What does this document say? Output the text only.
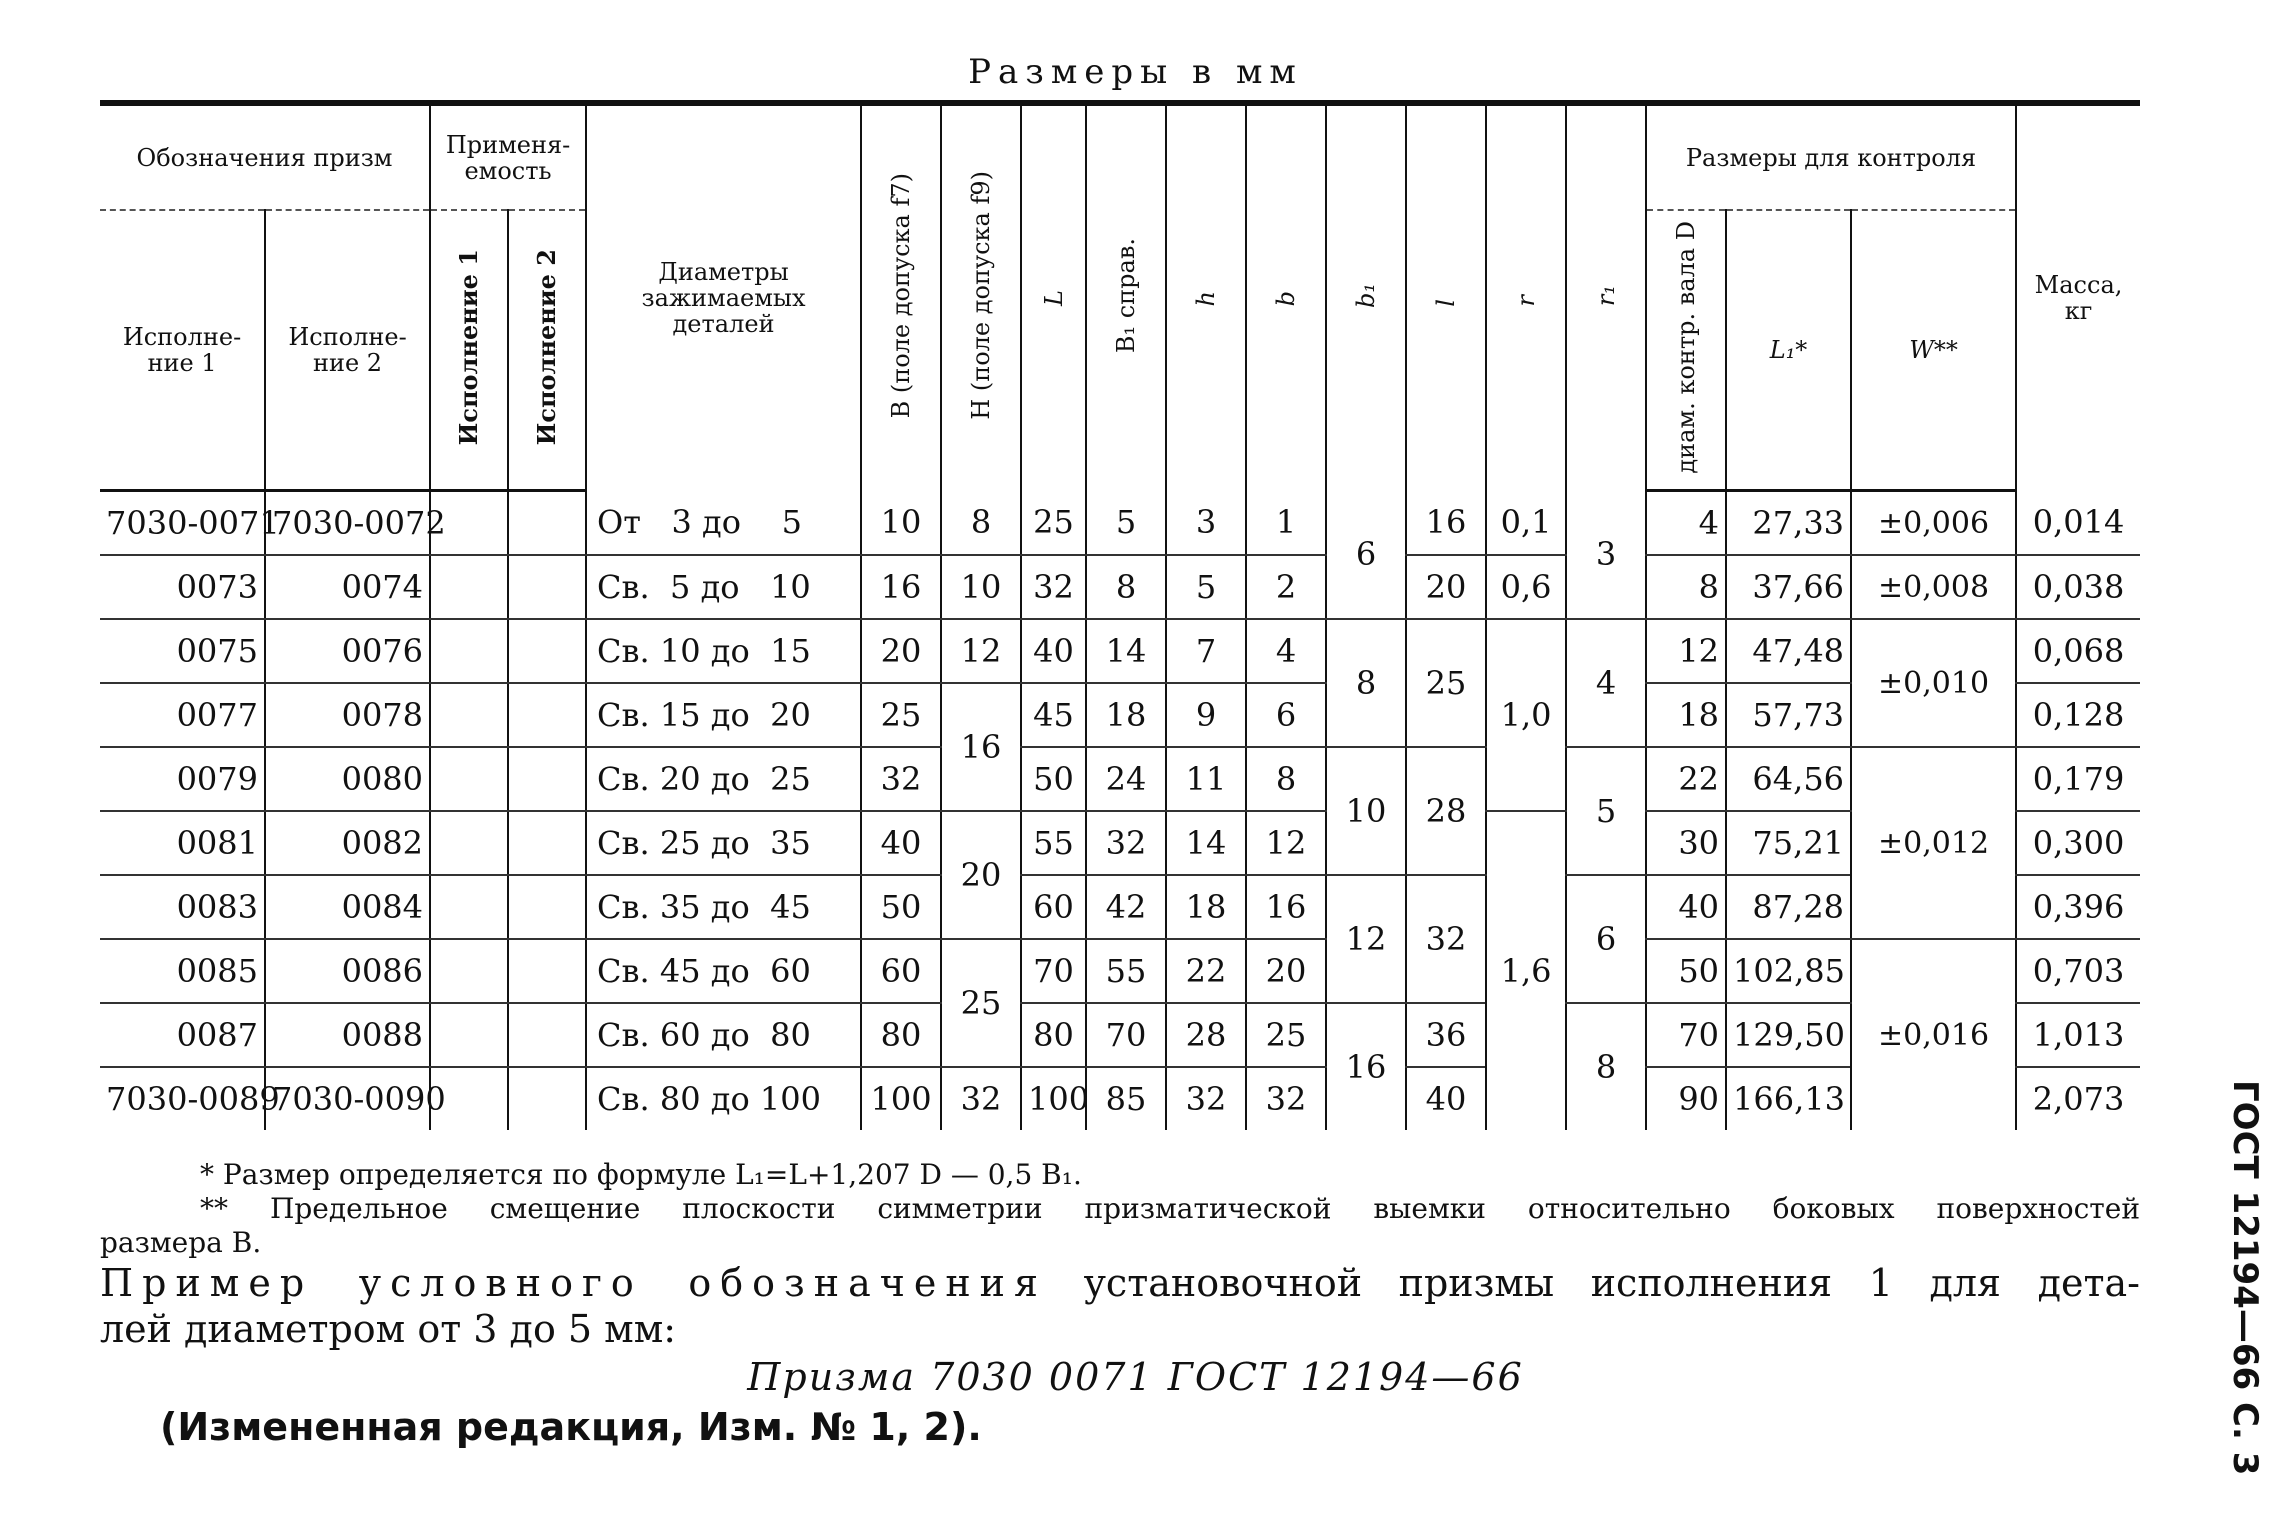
Размеры в мм
Обозначения призм		Применя-емость		Диаметры зажимаемых деталей	B (поле допуска f7)	H (поле допуска f9)	L	B₁ справ.	h	b	b₁	l	r	r₁	Размеры для контроля			Масса, кг
Исполне-ние 1	Исполне-ние 2	Исполнение 1	Исполнение 2												диам. контр. вала D	L₁*	W**	
7030-0071	7030-0072			От   3 до    5	10	8	25	5	3	1	6	16	0,1	3	4	27,33	±0,006	0,014
0073	0074			Св.  5 до   10	16	10	32	8	5	2		20	0,6		8	37,66	±0,008	0,038
0075	0076			Св. 10 до  15	20	12	40	14	7	4	8	25	1,0	4	12	47,48	±0,010	0,068
0077	0078			Св. 15 до  20	25	16	45	18	9	6					18	57,73		0,128
0079	0080			Св. 20 до  25	32		50	24	11	8	10	28		5	22	64,56	±0,012	0,179
0081	0082			Св. 25 до  35	40	20	55	32	14	12			1,6		30	75,21		0,300
0083	0084			Св. 35 до  45	50		60	42	18	16	12	32		6	40	87,28		0,396
0085	0086			Св. 45 до  60	60	25	70	55	22	20					50	102,85	±0,016	0,703
0087	0088			Св. 60 до  80	80		80	70	28	25	16	36		8	70	129,50		1,013
7030-0089	7030-0090			Св. 80 до 100	100	32	100	85	32	32		40			90	166,13		2,073
* Размер определяется по формуле L₁=L+1,207 D — 0,5 B₁.
** Предельное смещение плоскости симметрии призматической выемки относительно боковых поверхностей
размера B.
Пример условного обозначения установочной призмы исполнения 1 для дета-
лей диаметром от 3 до 5 мм:
Призма 7030 0071 ГОСТ 12194—66
(Измененная редакция, Изм. № 1, 2).	ГОСТ 12194—66 С. 3
